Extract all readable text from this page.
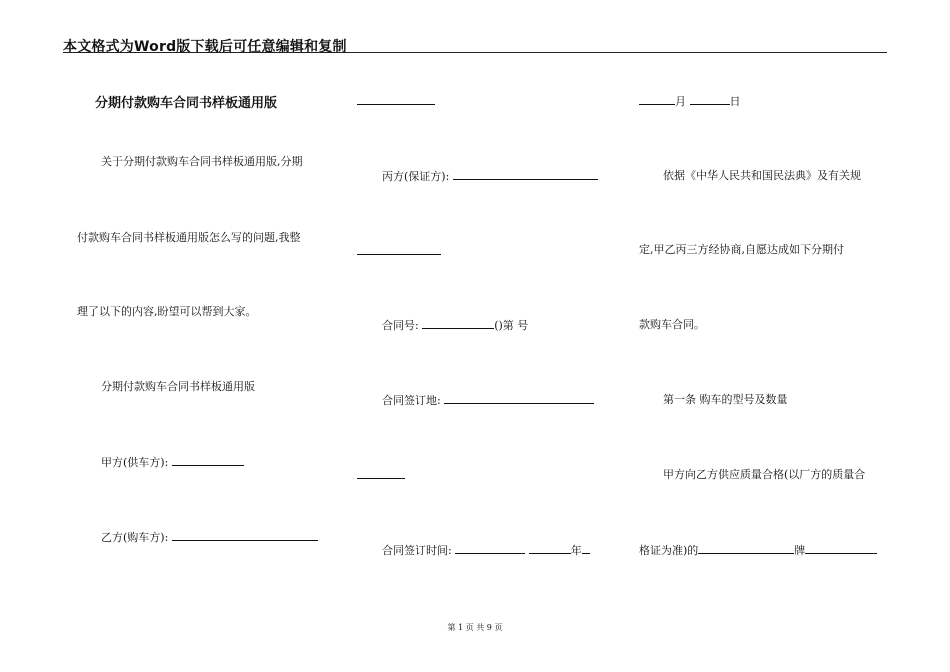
本文格式为Word版下载后可任意编辑和复制
分期付款购车合同书样板通用版
关于分期付款购车合同书样板通用版,分期
付款购车合同书样板通用版怎么写的问题,我整
理了以下的内容,盼望可以帮到大家。
分期付款购车合同书样板通用版
甲方(供车方):
乙方(购车方):
丙方(保证方):
合同号:	()第 号
合同签订地:
合同签订时间:	年
月	日
依据《中华人民共和国民法典》及有关规
定,甲乙丙三方经协商,自愿达成如下分期付
款购车合同。
第一条 购车的型号及数量
甲方向乙方供应质量合格(以厂方的质量合
格证为准)的	牌
第 1 页 共 9 页
